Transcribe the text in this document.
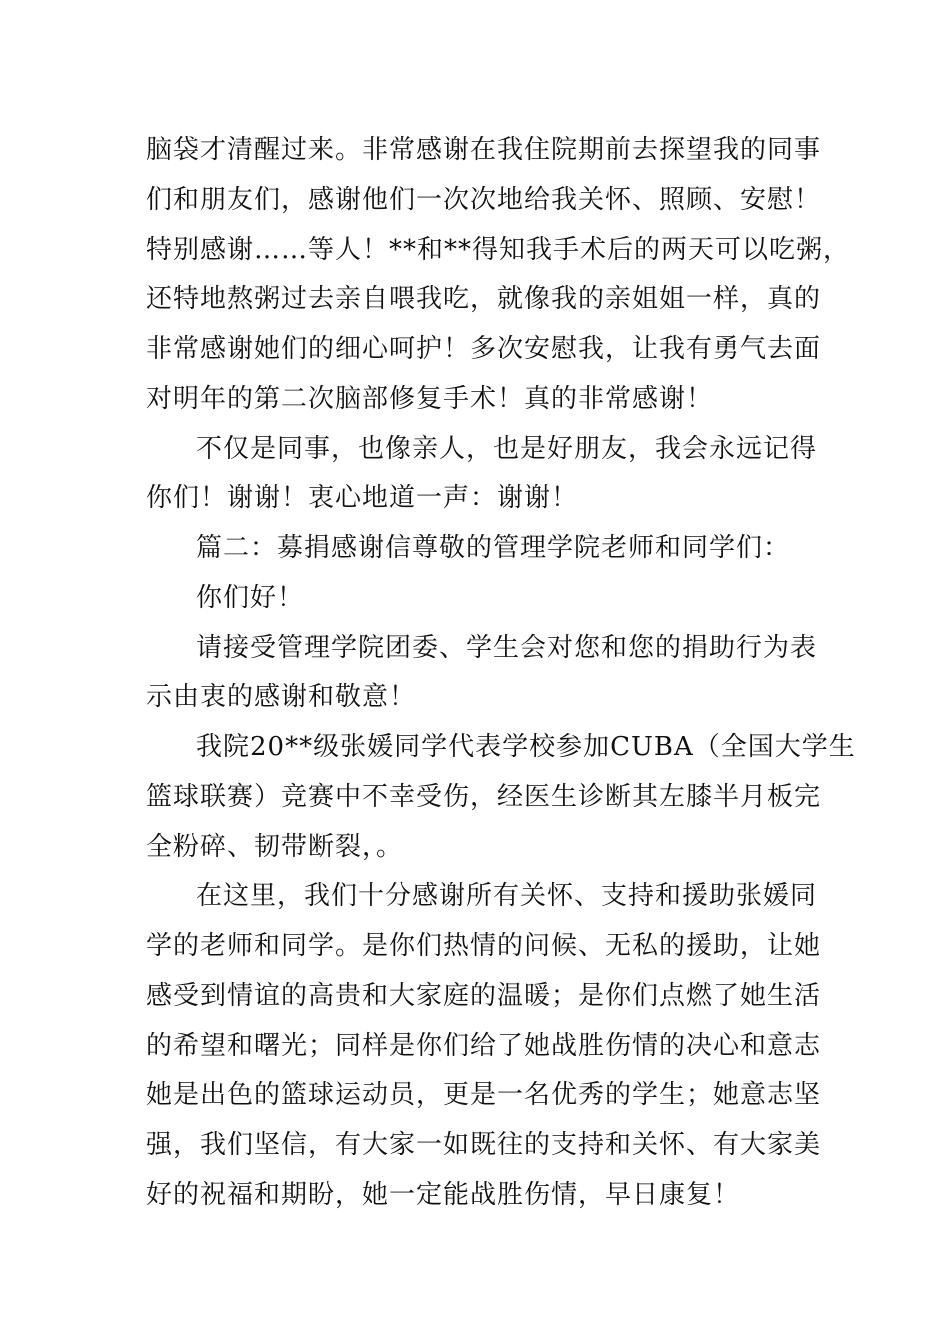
脑袋才清醒过来。非常感谢在我住院期前去探望我的同事
们和朋友们，感谢他们一次次地给我关怀、照顾、安慰！
特别感谢……等人！**和**得知我手术后的两天可以吃粥，
还特地熬粥过去亲自喂我吃，就像我的亲姐姐一样，真的
非常感谢她们的细心呵护！多次安慰我，让我有勇气去面
对明年的第二次脑部修复手术！真的非常感谢！
不仅是同事，也像亲人，也是好朋友，我会永远记得
你们！谢谢！衷心地道一声：谢谢！
篇二：募捐感谢信尊敬的管理学院老师和同学们：
你们好！
请接受管理学院团委、学生会对您和您的捐助行为表
示由衷的感谢和敬意！
我院20**级张媛同学代表学校参加CUBA（全国大学生
篮球联赛）竞赛中不幸受伤，经医生诊断其左膝半月板完
全粉碎、韧带断裂，。
在这里，我们十分感谢所有关怀、支持和援助张媛同
学的老师和同学。是你们热情的问候、无私的援助，让她
感受到情谊的高贵和大家庭的温暖；是你们点燃了她生活
的希望和曙光；同样是你们给了她战胜伤情的决心和意志
她是出色的篮球运动员，更是一名优秀的学生；她意志坚
强，我们坚信，有大家一如既往的支持和关怀、有大家美
好的祝福和期盼，她一定能战胜伤情，早日康复！
